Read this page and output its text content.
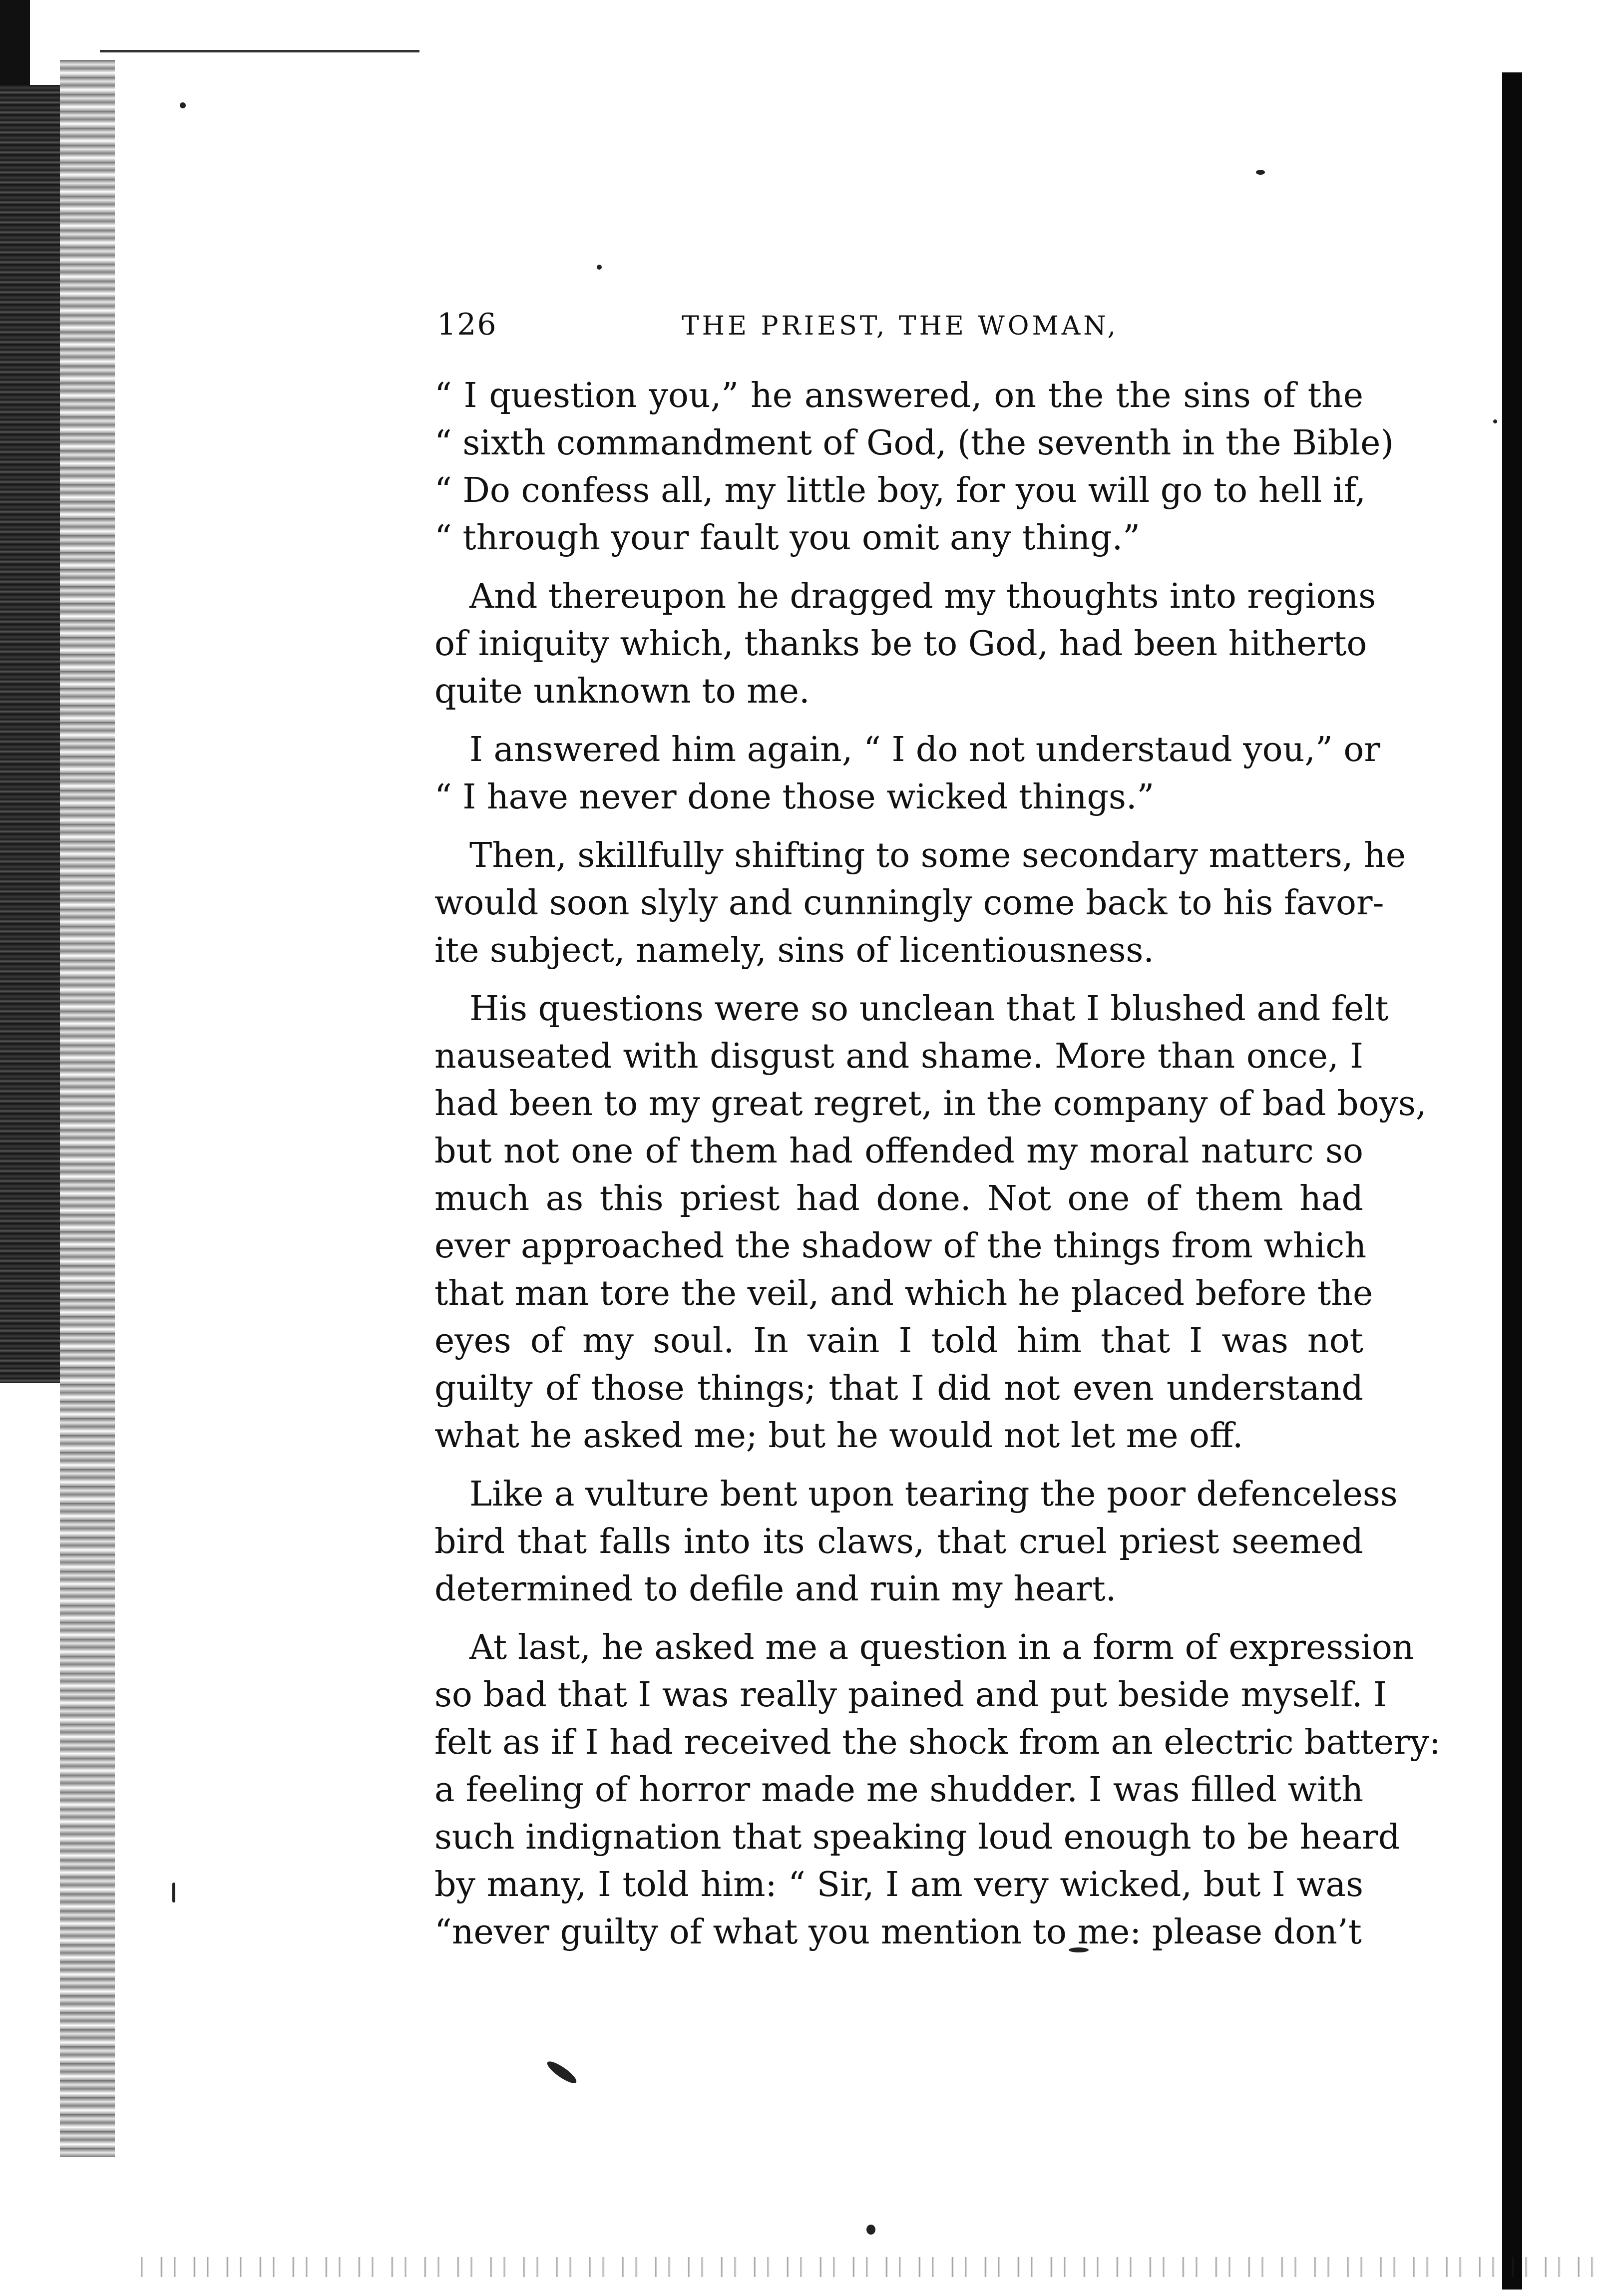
126	THE PRIEST, THE WOMAN,
“ I question you,” he answered, on the the sins of the
“ sixth commandment of God, (the seventh in the Bible)
“ Do confess all, my little boy, for you will go to hell if,
“ through your fault you omit any thing.”
And thereupon he dragged my thoughts into regions
of iniquity which, thanks be to God, had been hitherto
quite unknown to me.
I answered him again, “ I do not understaud you,” or
“ I have never done those wicked things.”
Then, skillfully shifting to some secondary matters, he
would soon slyly and cunningly come back to his favor-
ite subject, namely, sins of licentiousness.
His questions were so unclean that I blushed and felt
nauseated with disgust and shame. More than once, I
had been to my great regret, in the company of bad boys,
but not one of them had offended my moral naturc so
much as this priest had done. Not one of them had
ever approached the shadow of the things from which
that man tore the veil, and which he placed before the
eyes of my soul. In vain I told him that I was not
guilty of those things; that I did not even understand
what he asked me; but he would not let me off.
Like a vulture bent upon tearing the poor defenceless
bird that falls into its claws, that cruel priest seemed
determined to defile and ruin my heart.
At last, he asked me a question in a form of expression
so bad that I was really pained and put beside myself. I
felt as if I had received the shock from an electric battery:
a feeling of horror made me shudder. I was filled with
such indignation that speaking loud enough to be heard
by many, I told him: “ Sir, I am very wicked, but I was
“never guilty of what you mention to me: please don’t
